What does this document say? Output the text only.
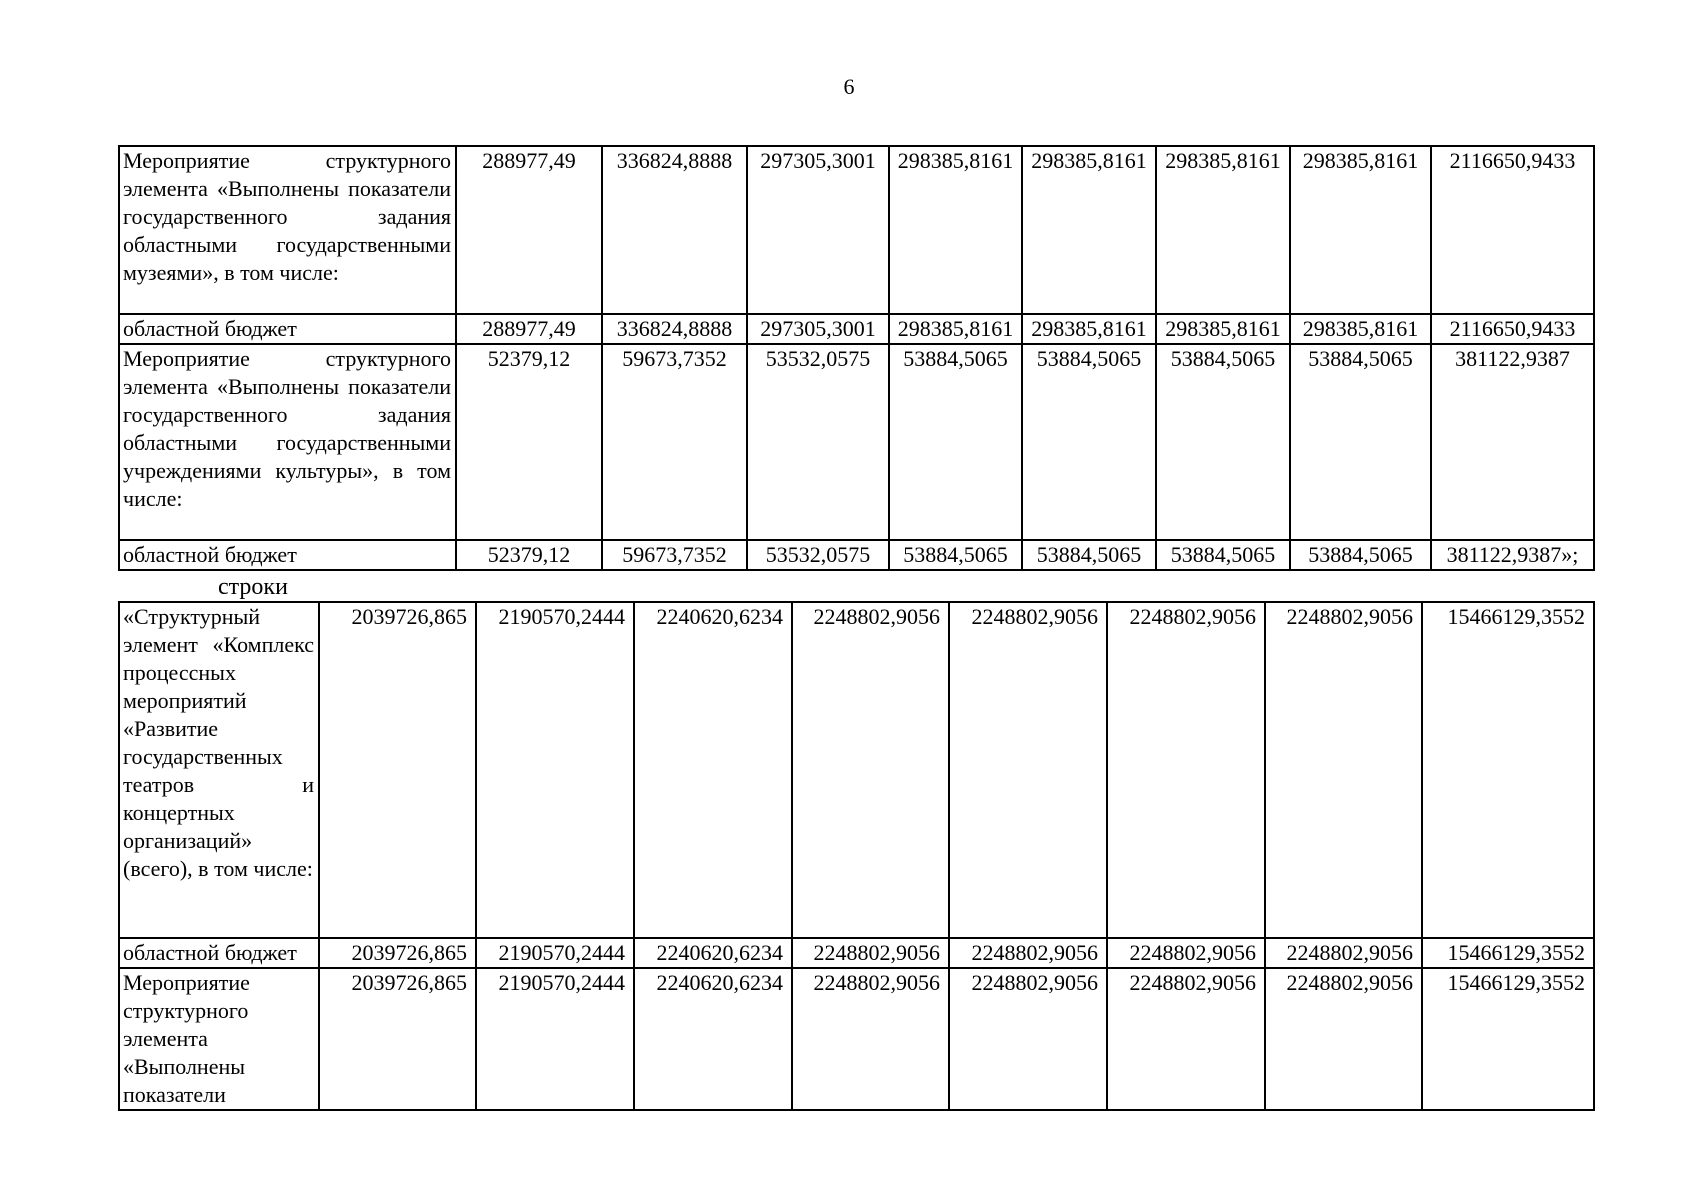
6
Мероприятие структурного элемента «Выполнены показатели государственного задания областными государственными музеями», в том числе:	288977,49	336824,8888	297305,3001	298385,8161	298385,8161	298385,8161	298385,8161	2116650,9433
областной бюджет	288977,49	336824,8888	297305,3001	298385,8161	298385,8161	298385,8161	298385,8161	2116650,9433
Мероприятие структурного элемента «Выполнены показатели государственного задания областными государственными учреждениями культуры», в том числе:	52379,12	59673,7352	53532,0575	53884,5065	53884,5065	53884,5065	53884,5065	381122,9387
областной бюджет	52379,12	59673,7352	53532,0575	53884,5065	53884,5065	53884,5065	53884,5065	381122,9387»;
строки
«Структурный элемент «Комплекс процессных мероприятий «Развитие государственных театров и концертных организаций» (всего), в том числе:	2039726,865	2190570,2444	2240620,6234	2248802,9056	2248802,9056	2248802,9056	2248802,9056	15466129,3552
областной бюджет	2039726,865	2190570,2444	2240620,6234	2248802,9056	2248802,9056	2248802,9056	2248802,9056	15466129,3552
Мероприятие структурного элемента «Выполнены показатели	2039726,865	2190570,2444	2240620,6234	2248802,9056	2248802,9056	2248802,9056	2248802,9056	15466129,3552
